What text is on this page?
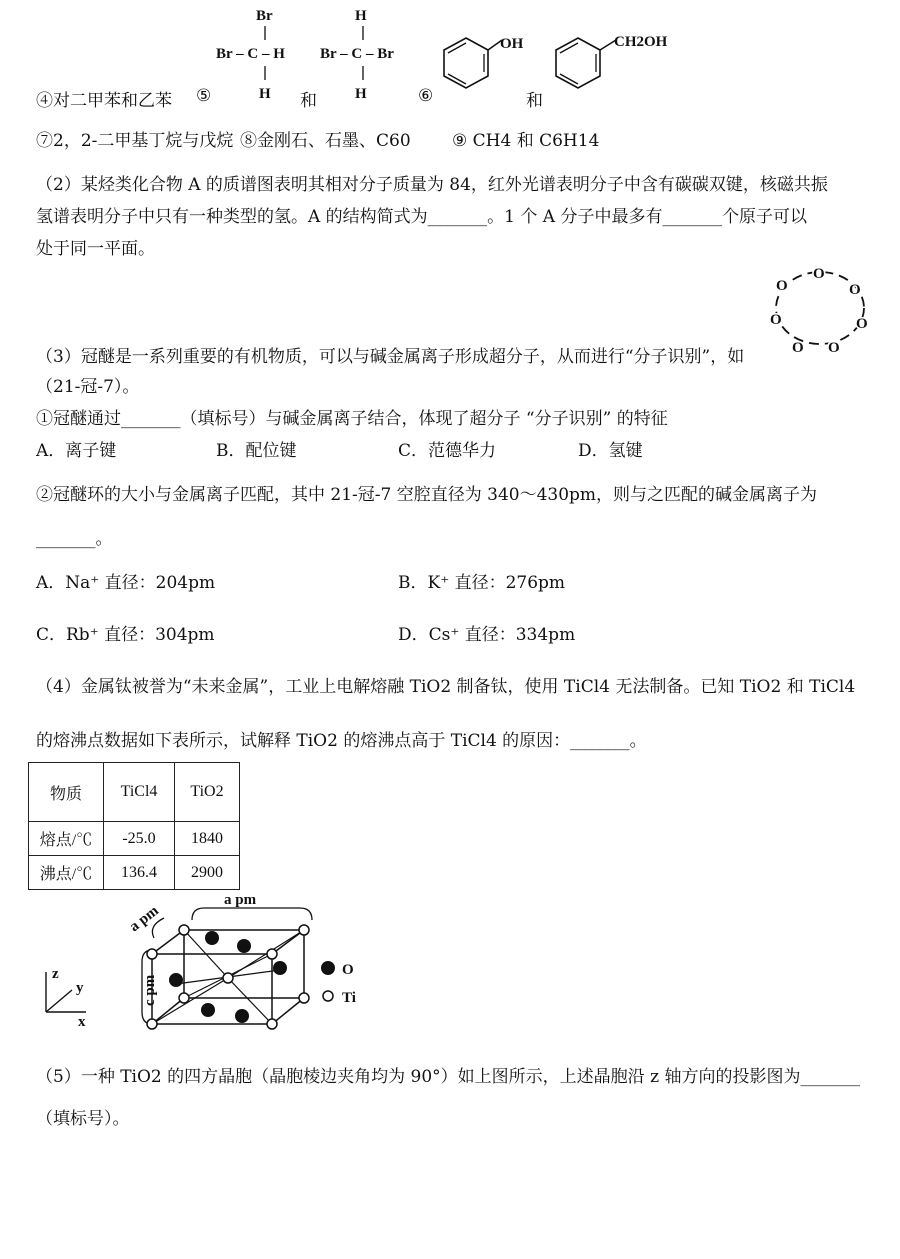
④对二甲苯和乙苯 ⑤
Br
Br – C – H
H 和
H
Br – C – Br
H	⑥
OH
和
CH2OH
⑦2，2-二甲基丁烷与戊烷 ⑧金刚石、石墨、C60 ⑨ CH4 和 C6H14
（2）某烃类化合物 A 的质谱图表明其相对分子质量为 84，红外光谱表明分子中含有碳碳双键，核磁共振
氢谱表明分子中只有一种类型的氢。A 的结构简式为_______。1 个 A 分子中最多有_______个原子可以
处于同一平面。
O
O
O
O
O
O
O
（3）冠醚是一系列重要的有机物质，可以与碱金属离子形成超分子，从而进行“分子识别”，如
（21-冠-7）。
①冠醚通过_______（填标号）与碱金属离子结合，体现了超分子 “分子识别” 的特征
A．离子键	B．配位键	C．范德华力	D．氢键
②冠醚环的大小与金属离子匹配，其中 21-冠-7 空腔直径为 340～430pm，则与之匹配的碱金属离子为
_______。
A．Na⁺ 直径：204pm	B．K⁺ 直径：276pm
C．Rb⁺ 直径：304pm	D．Cs⁺ 直径：334pm
（4）金属钛被誉为“未来金属”，工业上电解熔融 TiO2 制备钛，使用 TiCl4 无法制备。已知 TiO2 和 TiCl4
的熔沸点数据如下表所示，试解释 TiO2 的熔沸点高于 TiCl4 的原因：_______。
物质	TiCl4	TiO2
熔点/℃	-25.0	1840
沸点/℃	136.4	2900
a pm
a pm
c pm
z
y
x
O
Ti
（5）一种 TiO2 的四方晶胞（晶胞棱边夹角均为 90°）如上图所示，上述晶胞沿 z 轴方向的投影图为_______
（填标号）。
